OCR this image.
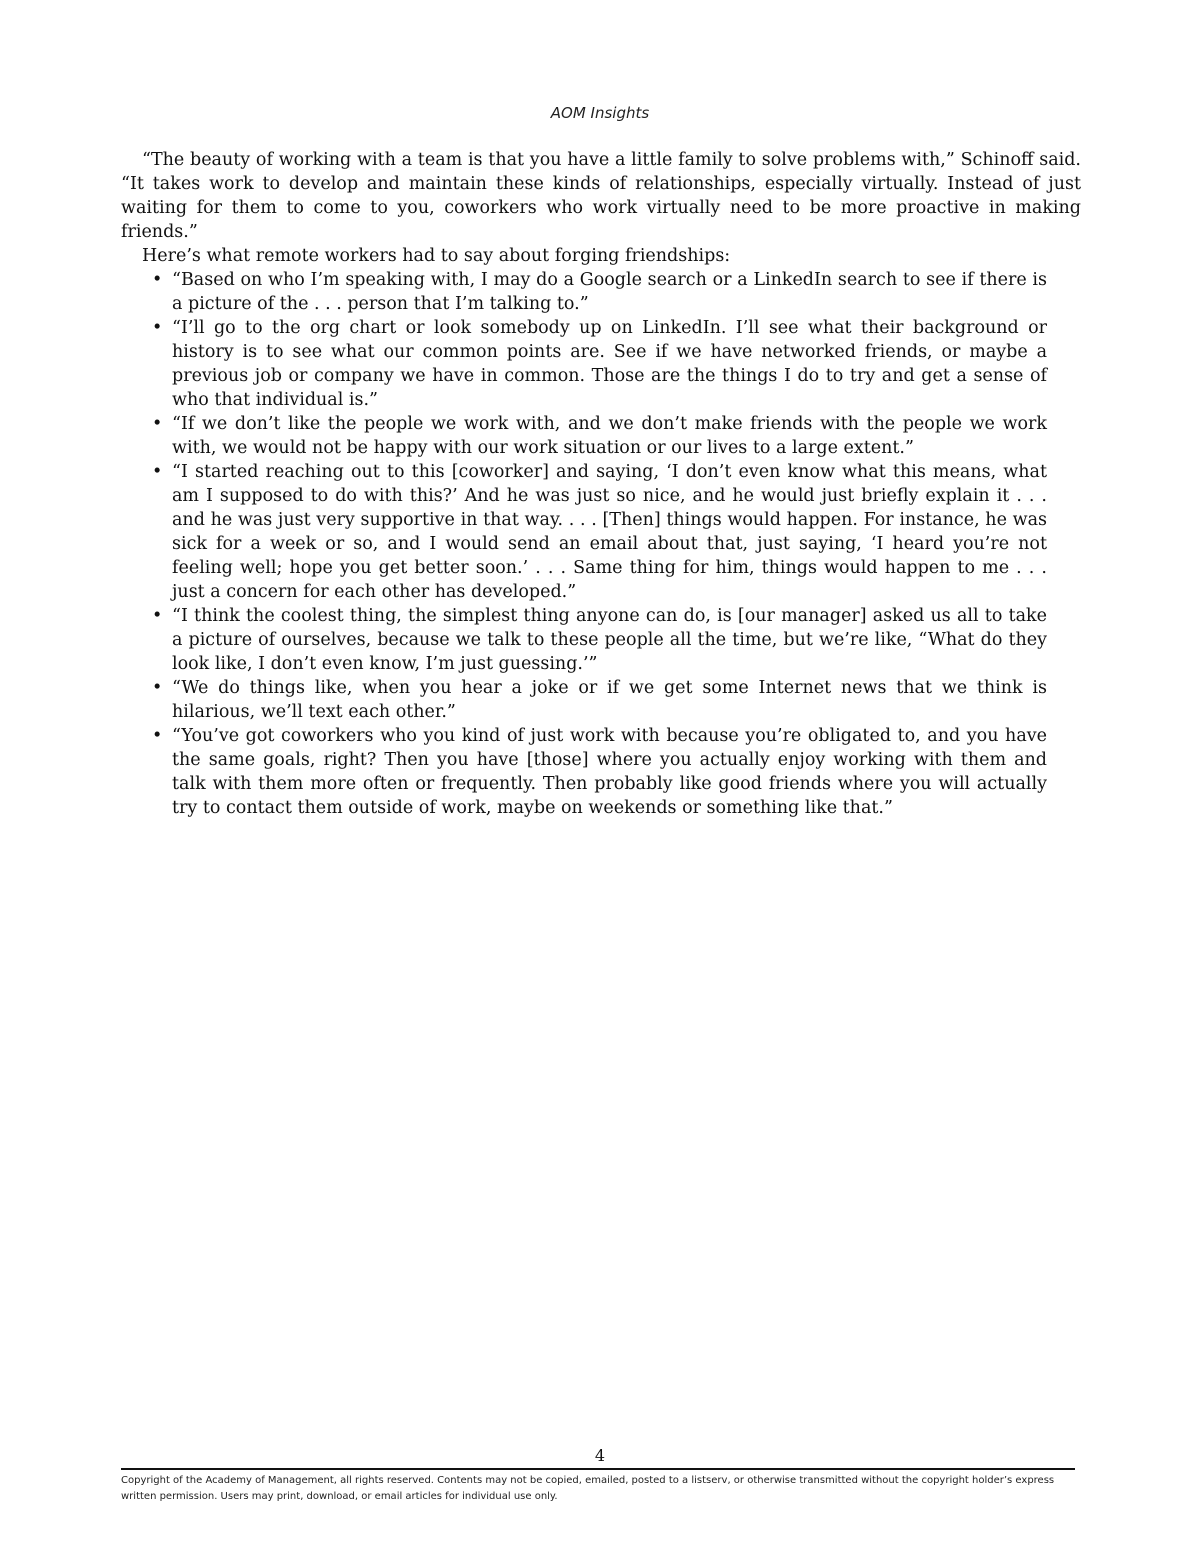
AOM Insights

“The beauty of working with a team is that you have a little family to solve problems with,” Schinoff said. “It takes work to develop and maintain these kinds of relationships, especially virtually. Instead of just waiting for them to come to you, coworkers who work virtually need to be more proactive in making friends.”

Here’s what remote workers had to say about forging friendships:

• “Based on who I’m speaking with, I may do a Google search or a LinkedIn search to see if there is a picture of the . . . person that I’m talking to.”
• “I’ll go to the org chart or look somebody up on LinkedIn. I’ll see what their background or history is to see what our common points are. See if we have networked friends, or maybe a previous job or company we have in common. Those are the things I do to try and get a sense of who that individual is.”
• “If we don’t like the people we work with, and we don’t make friends with the people we work with, we would not be happy with our work situation or our lives to a large extent.”
• “I started reaching out to this [coworker] and saying, ‘I don’t even know what this means, what am I supposed to do with this?’ And he was just so nice, and he would just briefly explain it . . . and he was just very supportive in that way. . . . [Then] things would happen. For instance, he was sick for a week or so, and I would send an email about that, just saying, ‘I heard you’re not feeling well; hope you get better soon.’ . . . Same thing for him, things would happen to me . . . just a concern for each other has developed.”
• “I think the coolest thing, the simplest thing anyone can do, is [our manager] asked us all to take a picture of ourselves, because we talk to these people all the time, but we’re like, “What do they look like, I don’t even know, I’m just guessing.’”
• “We do things like, when you hear a joke or if we get some Internet news that we think is hilarious, we’ll text each other.”
• “You’ve got coworkers who you kind of just work with because you’re obligated to, and you have the same goals, right? Then you have [those] where you actually enjoy working with them and talk with them more often or frequently. Then probably like good friends where you will actually try to contact them outside of work, maybe on weekends or something like that.”
4
Copyright of the Academy of Management, all rights reserved. Contents may not be copied, emailed, posted to a listserv, or otherwise transmitted without the copyright holder’s express written permission. Users may print, download, or email articles for individual use only.
